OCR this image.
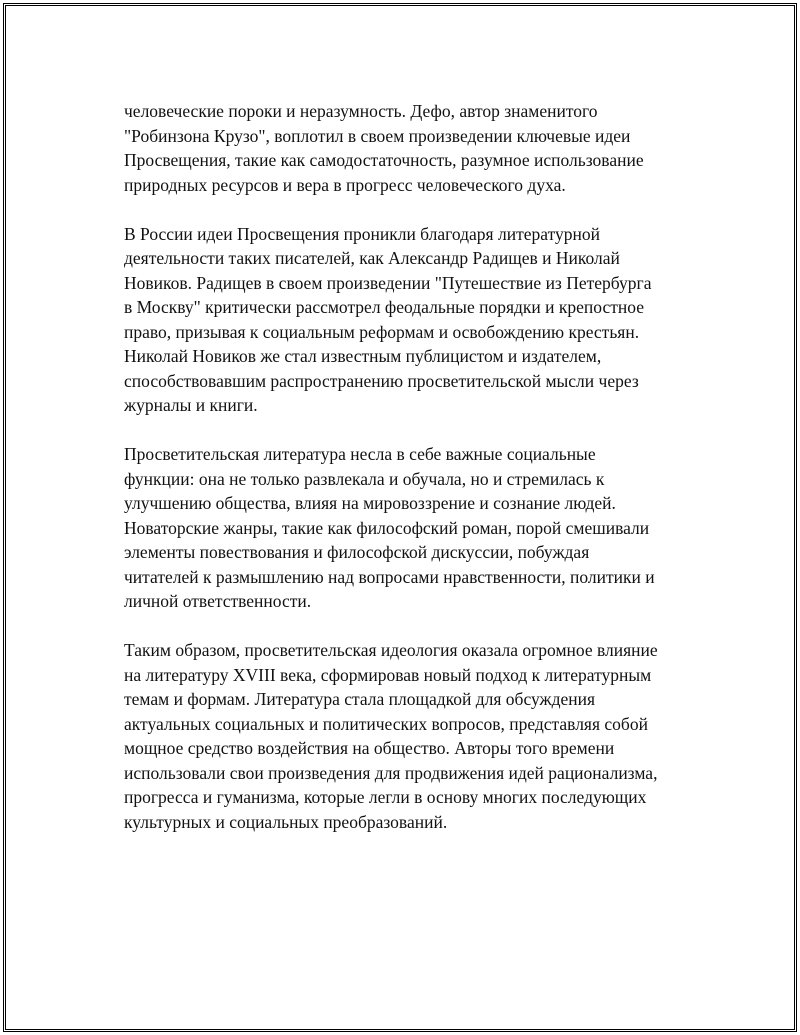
человеческие пороки и неразумность. Дефо, автор знаменитого
"Робинзона Крузо", воплотил в своем произведении ключевые идеи
Просвещения, такие как самодостаточность, разумное использование
природных ресурсов и вера в прогресс человеческого духа.

В России идеи Просвещения проникли благодаря литературной
деятельности таких писателей, как Александр Радищев и Николай
Новиков. Радищев в своем произведении "Путешествие из Петербурга
в Москву" критически рассмотрел феодальные порядки и крепостное
право, призывая к социальным реформам и освобождению крестьян.
Николай Новиков же стал известным публицистом и издателем,
способствовавшим распространению просветительской мысли через
журналы и книги.

Просветительская литература несла в себе важные социальные
функции: она не только развлекала и обучала, но и стремилась к
улучшению общества, влияя на мировоззрение и сознание людей.
Новаторские жанры, такие как философский роман, порой смешивали
элементы повествования и философской дискуссии, побуждая
читателей к размышлению над вопросами нравственности, политики и
личной ответственности.

Таким образом, просветительская идеология оказала огромное влияние
на литературу XVIII века, сформировав новый подход к литературным
темам и формам. Литература стала площадкой для обсуждения
актуальных социальных и политических вопросов, представляя собой
мощное средство воздействия на общество. Авторы того времени
использовали свои произведения для продвижения идей рационализма,
прогресса и гуманизма, которые легли в основу многих последующих
культурных и социальных преобразований.
